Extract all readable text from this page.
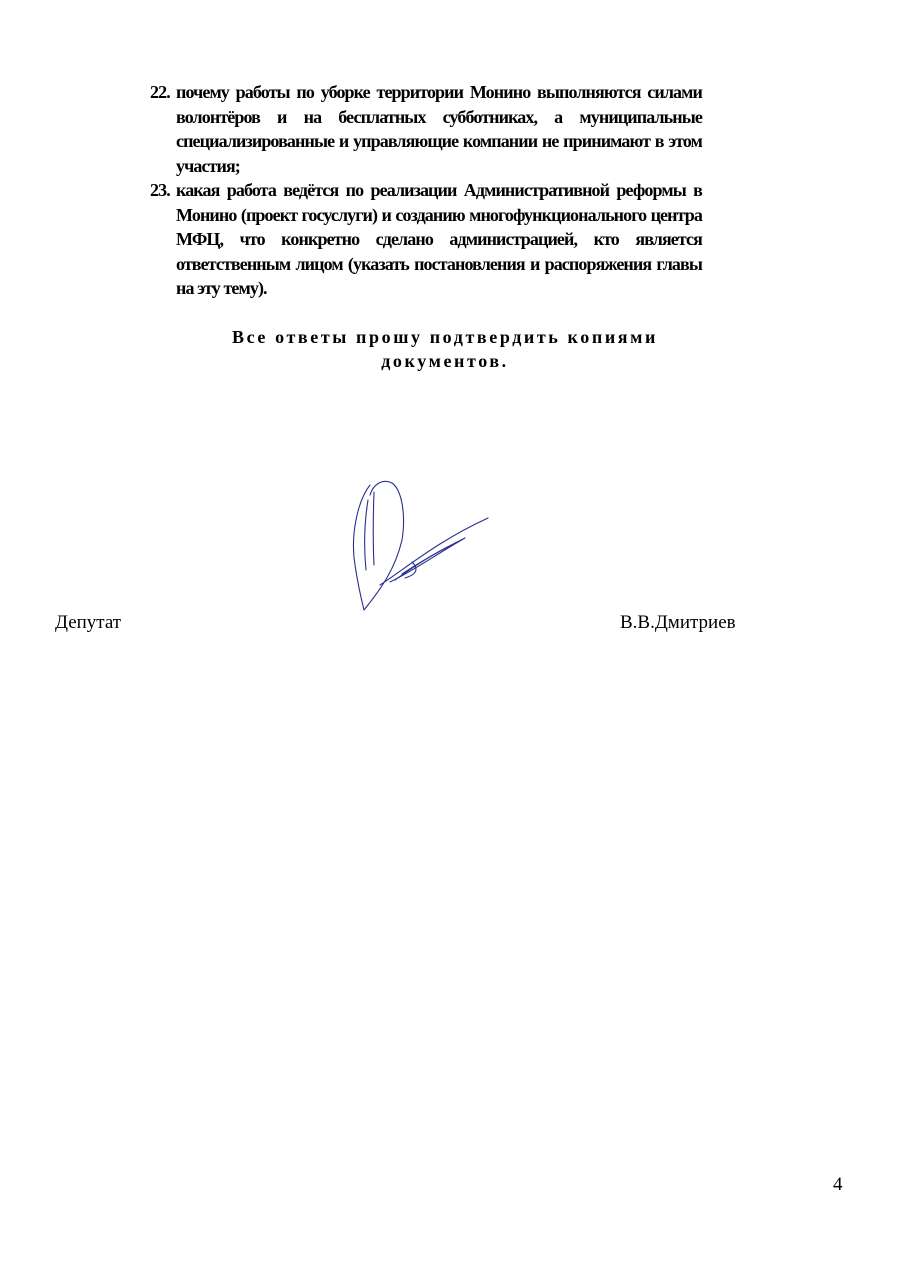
22. почему работы по уборке территории Монино выполняются силами волонтёров и на бесплатных субботниках, а муниципальные специализированные и управляющие компании не принимают в этом участия;
23. какая работа ведётся по реализации Административной реформы в Монино (проект госуслуги) и созданию многофункционального центра МФЦ, что конкретно сделано администрацией, кто является ответственным лицом (указать постановления и распоряжения главы на эту тему).
Все ответы прошу подтвердить копиями
документов.
Депутат	В.В.Дмитриев
4
